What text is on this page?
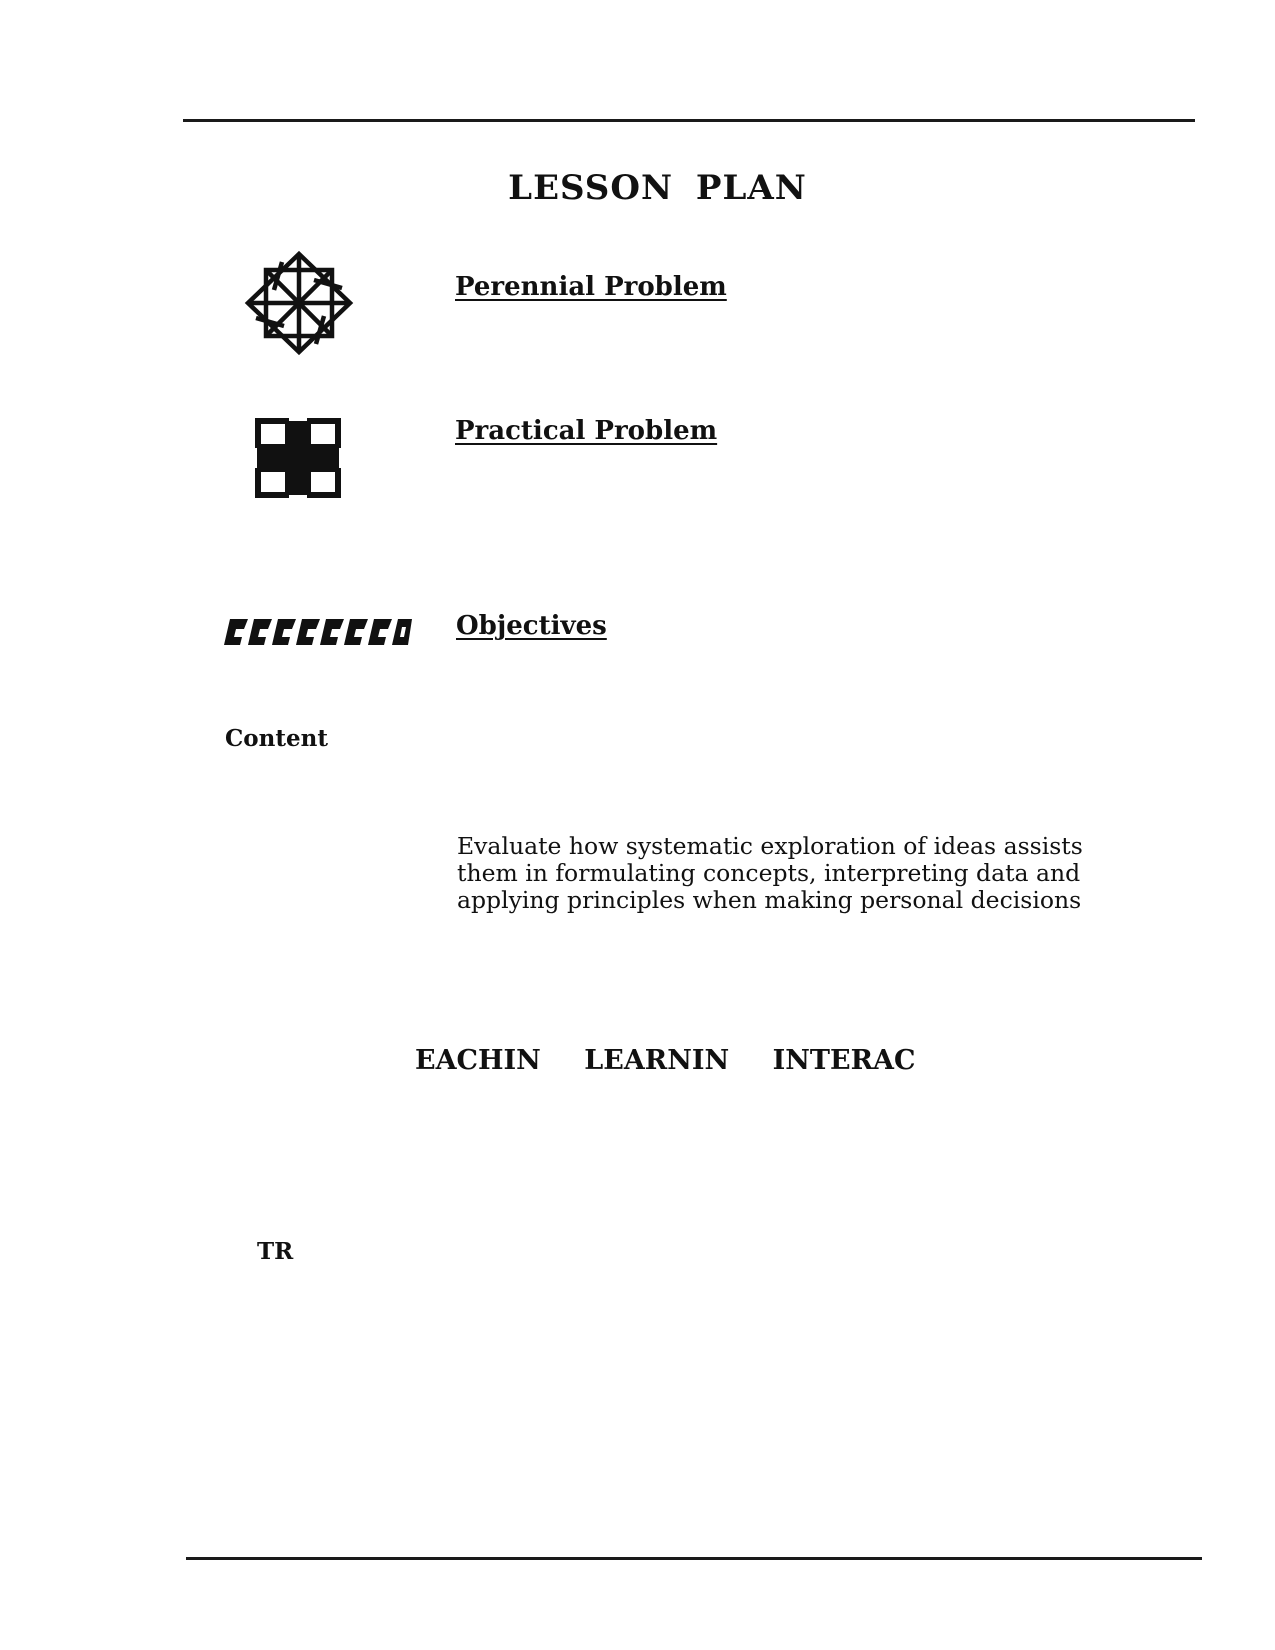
LESSON PLAN
Perennial Problem
Practical Problem
Objectives
Content
Evaluate how systematic exploration of ideas assists
them in formulating concepts, interpreting data and
applying principles when making personal decisions
EACHIN LEARNIN INTERAC
TR
